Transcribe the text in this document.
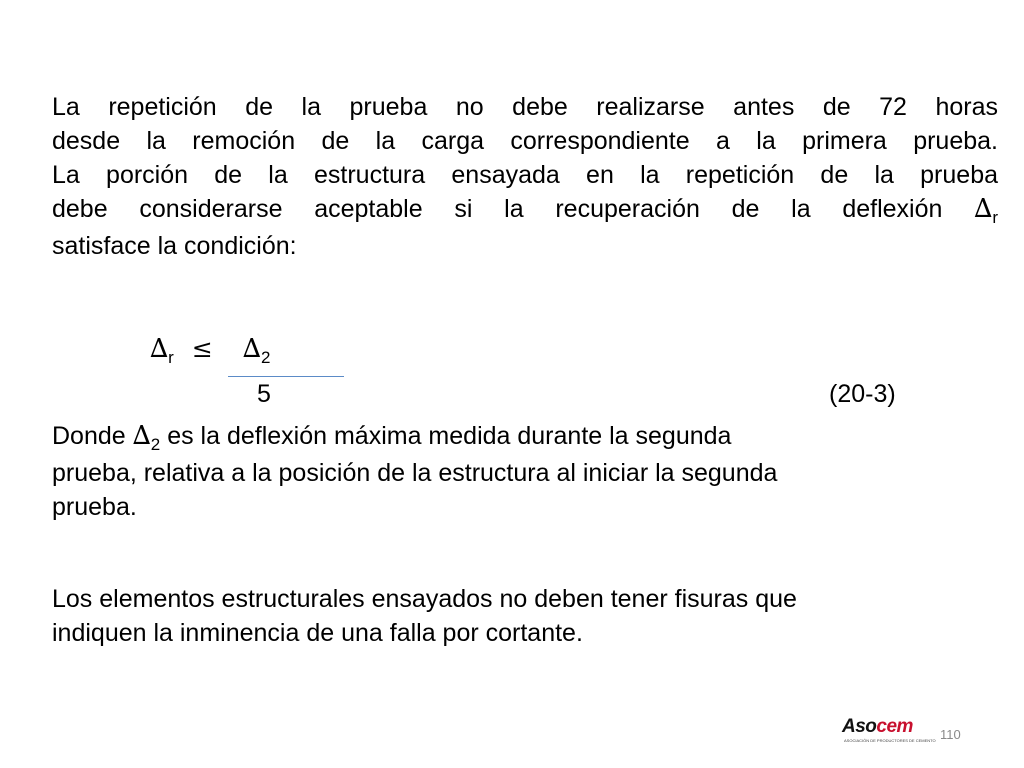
La repetición de la prueba no debe realizarse antes de 72 horas
desde la remoción de la carga correspondiente a la primera prueba.
La porción de la estructura ensayada en la repetición de la prueba
debe considerarse aceptable si la recuperación de la deflexión $\Delta_r$
satisface la condición:
$\Delta_r \le \Delta_2$
5	(20-3)
Donde $\Delta_2$ es la deflexión máxima medida durante la segunda
prueba, relativa a la posición de la estructura al iniciar la segunda
prueba.
Los elementos estructurales ensayados no deben tener fisuras que
indiquen la inminencia de una falla por cortante.
Asocem
ASOCIACIÓN DE PRODUCTORES DE CEMENTO 110
